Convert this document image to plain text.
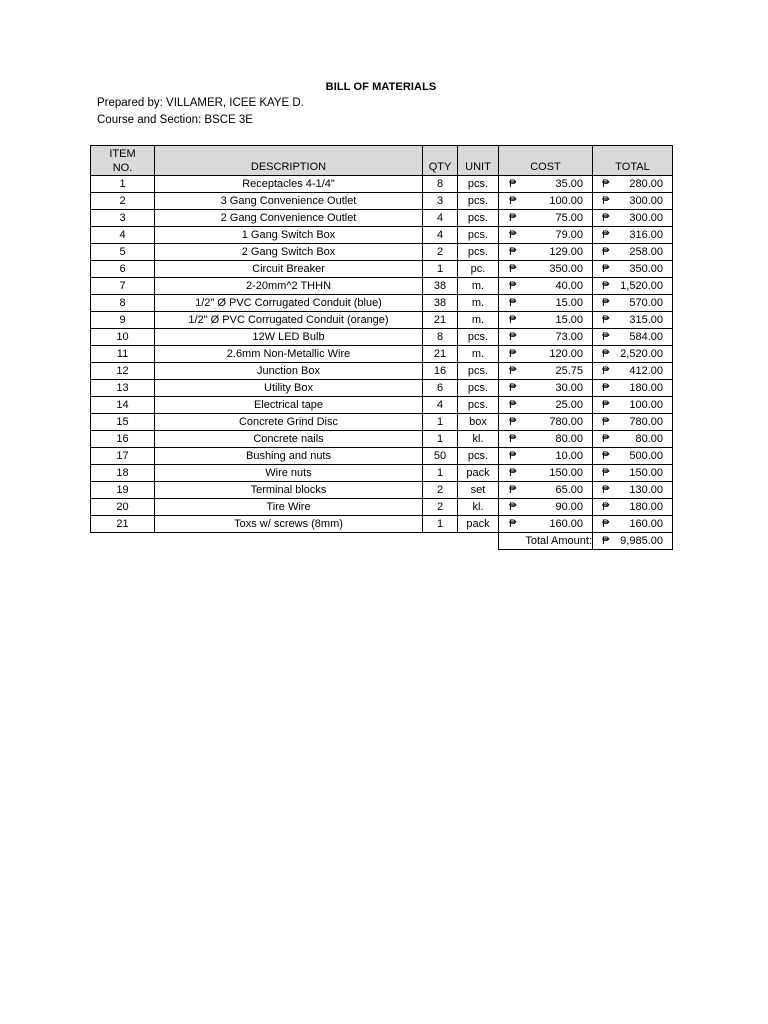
BILL OF MATERIALS
Prepared by: VILLAMER, ICEE KAYE D.
Course and Section: BSCE 3E
ITEM
NO.	DESCRIPTION	QTY	UNIT	COST	TOTAL
1	Receptacles 4-1/4"	8	pcs.	₱ 35.00	₱ 280.00

2	3 Gang Convenience Outlet	3	pcs.	₱ 100.00	₱ 300.00

3	2 Gang Convenience Outlet	4	pcs.	₱ 75.00	₱ 300.00

4	1 Gang Switch Box	4	pcs.	₱ 79.00	₱ 316.00

5	2 Gang Switch Box	2	pcs.	₱ 129.00	₱ 258.00

6	Circuit Breaker	1	pc.	₱ 350.00	₱ 350.00

7	2-20mm^2 THHN	38	m.	₱ 40.00	₱ 1,520.00

8	1/2" Ø PVC Corrugated Conduit (blue)	38	m.	₱ 15.00	₱ 570.00

9	1/2" Ø PVC Corrugated Conduit (orange)	21	m.	₱ 15.00	₱ 315.00

10	12W LED Bulb	8	pcs.	₱ 73.00	₱ 584.00

11	2.6mm Non-Metallic Wire	21	m.	₱ 120.00	₱ 2,520.00

12	Junction Box	16	pcs.	₱ 25.75	₱ 412.00

13	Utility Box	6	pcs.	₱ 30.00	₱ 180.00

14	Electrical tape	4	pcs.	₱ 25.00	₱ 100.00

15	Concrete Grind Disc	1	box	₱ 780.00	₱ 780.00

16	Concrete nails	1	kl.	₱ 80.00	₱ 80.00

17	Bushing and nuts	50	pcs.	₱ 10.00	₱ 500.00

18	Wire nuts	1	pack	₱ 150.00	₱ 150.00

19	Terminal blocks	2	set	₱ 65.00	₱ 130.00

20	Tire Wire	2	kl.	₱ 90.00	₱ 180.00

21	Toxs w/ screws (8mm)	1	pack	₱ 160.00	₱ 160.00

				Total Amount:	₱ 9,985.00
